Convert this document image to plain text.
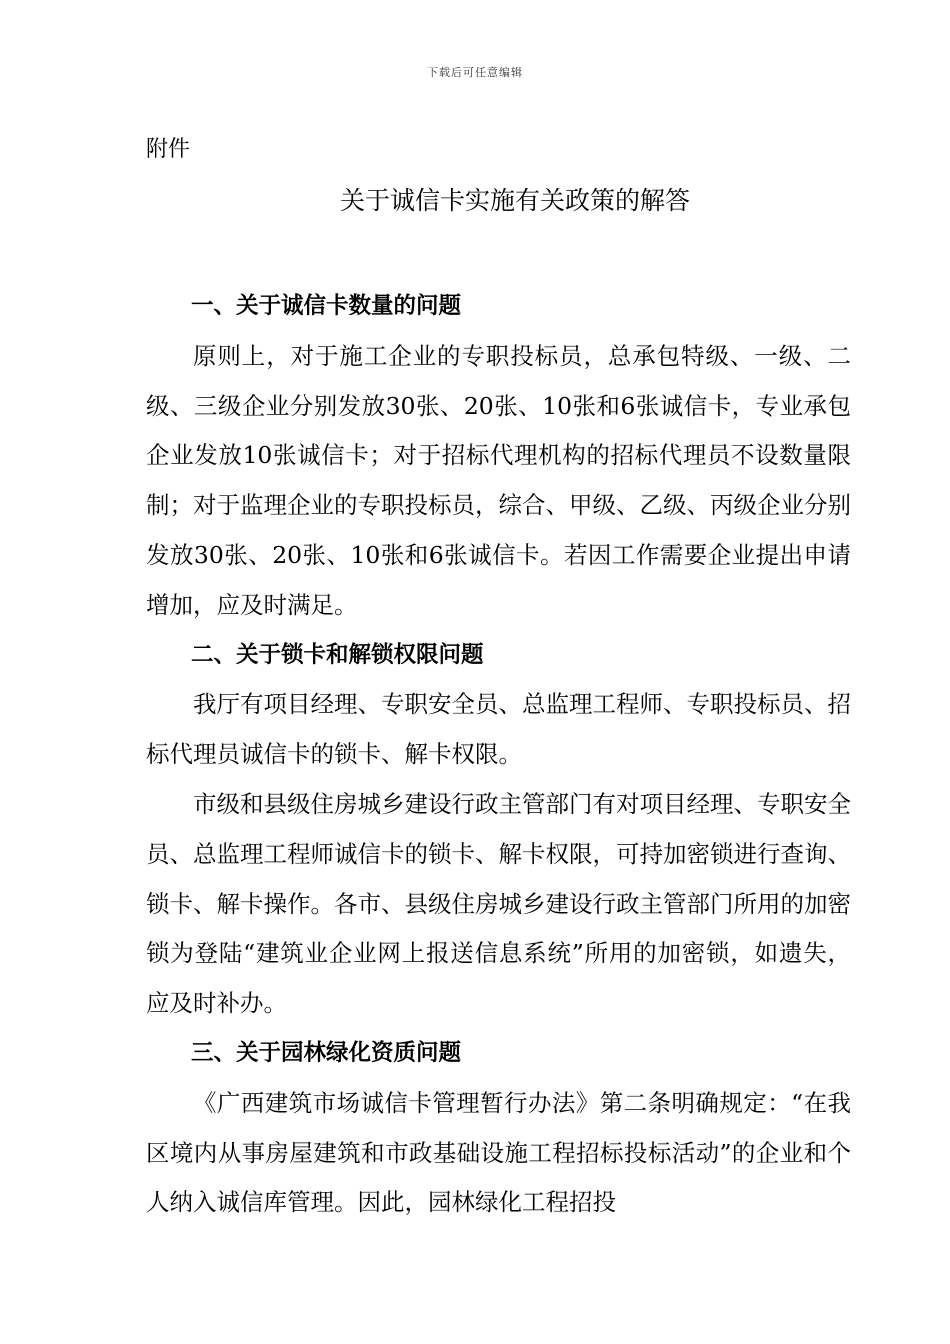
下载后可任意编辑
附件
关于诚信卡实施有关政策的解答

一、关于诚信卡数量的问题

原则上，对于施工企业的专职投标员，总承包特级、一级、二级、三级企业分别发放30张、20张、10张和6张诚信卡，专业承包企业发放10张诚信卡；对于招标代理机构的招标代理员不设数量限制；对于监理企业的专职投标员，综合、甲级、乙级、丙级企业分别发放30张、20张、10张和6张诚信卡。若因工作需要企业提出申请增加，应及时满足。

二、关于锁卡和解锁权限问题

我厅有项目经理、专职安全员、总监理工程师、专职投标员、招标代理员诚信卡的锁卡、解卡权限。

市级和县级住房城乡建设行政主管部门有对项目经理、专职安全员、总监理工程师诚信卡的锁卡、解卡权限，可持加密锁进行查询、锁卡、解卡操作。各市、县级住房城乡建设行政主管部门所用的加密锁为登陆“建筑业企业网上报送信息系统”所用的加密锁，如遗失，应及时补办。

三、关于园林绿化资质问题

《广西建筑市场诚信卡管理暂行办法》第二条明确规定：“在我区境内从事房屋建筑和市政基础设施工程招标投标活动”的企业和个人纳入诚信库管理。因此，园林绿化工程招投
